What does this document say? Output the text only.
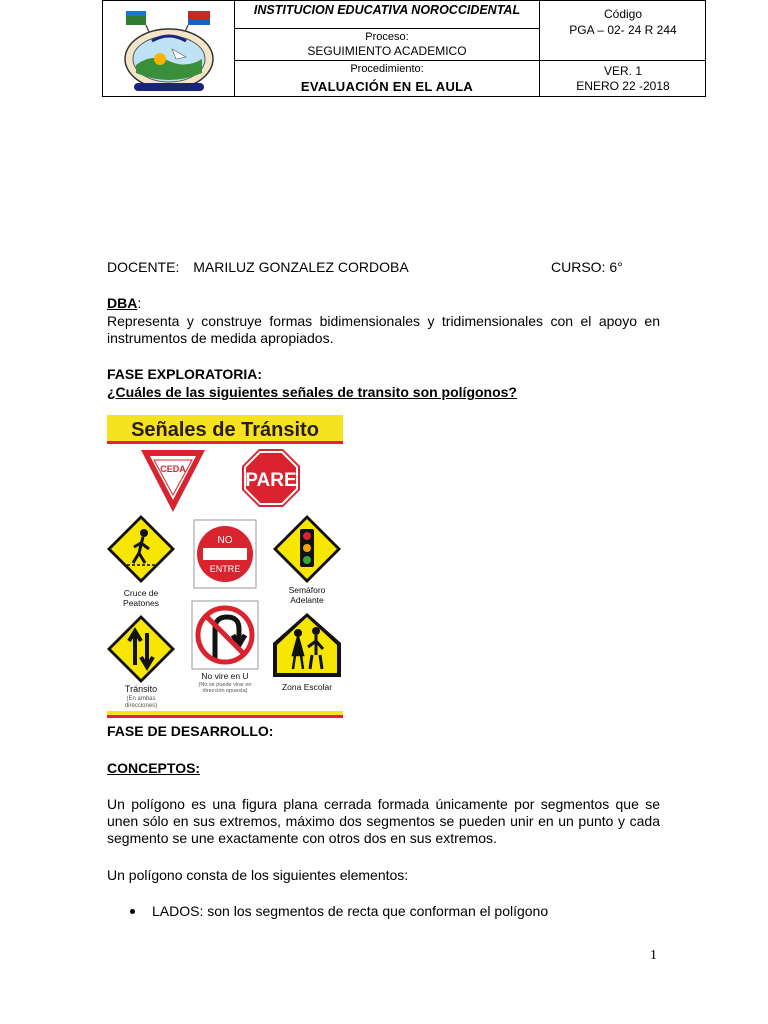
INSTITUCION EDUCATIVA NOROCCIDENTAL
Proceso:
SEGUIMIENTO ACADEMICO
Procedimiento:
EVALUACIÓN EN EL AULA
Código
PGA – 02- 24 R 244
VER. 1
ENERO 22 -2018
DOCENTE: MARILUZ GONZALEZ CORDOBA	CURSO: 6°
DBA:
Representa y construye formas bidimensionales y tridimensionales con el apoyo en instrumentos de medida apropiados.
FASE EXPLORATORIA:
¿Cuáles de las siguientes señales de transito son polígonos?
Señales de Tránsito
CEDA
PARE
Cruce de
Peatones
NO
ENTRE
Semáforo
Adelante
Tránsito
(En ambas
direcciones)
No vire en U
(No se puede virar en
dirección opuesta)	Zona Escolar
FASE DE DESARROLLO:
CONCEPTOS:
Un polígono es una figura plana cerrada formada únicamente por segmentos que se unen sólo en sus extremos, máximo dos segmentos se pueden unir en un punto y cada segmento se une exactamente con otros dos en sus extremos.
Un polígono consta de los siguientes elementos:
LADOS: son los segmentos de recta que conforman el polígono
1
